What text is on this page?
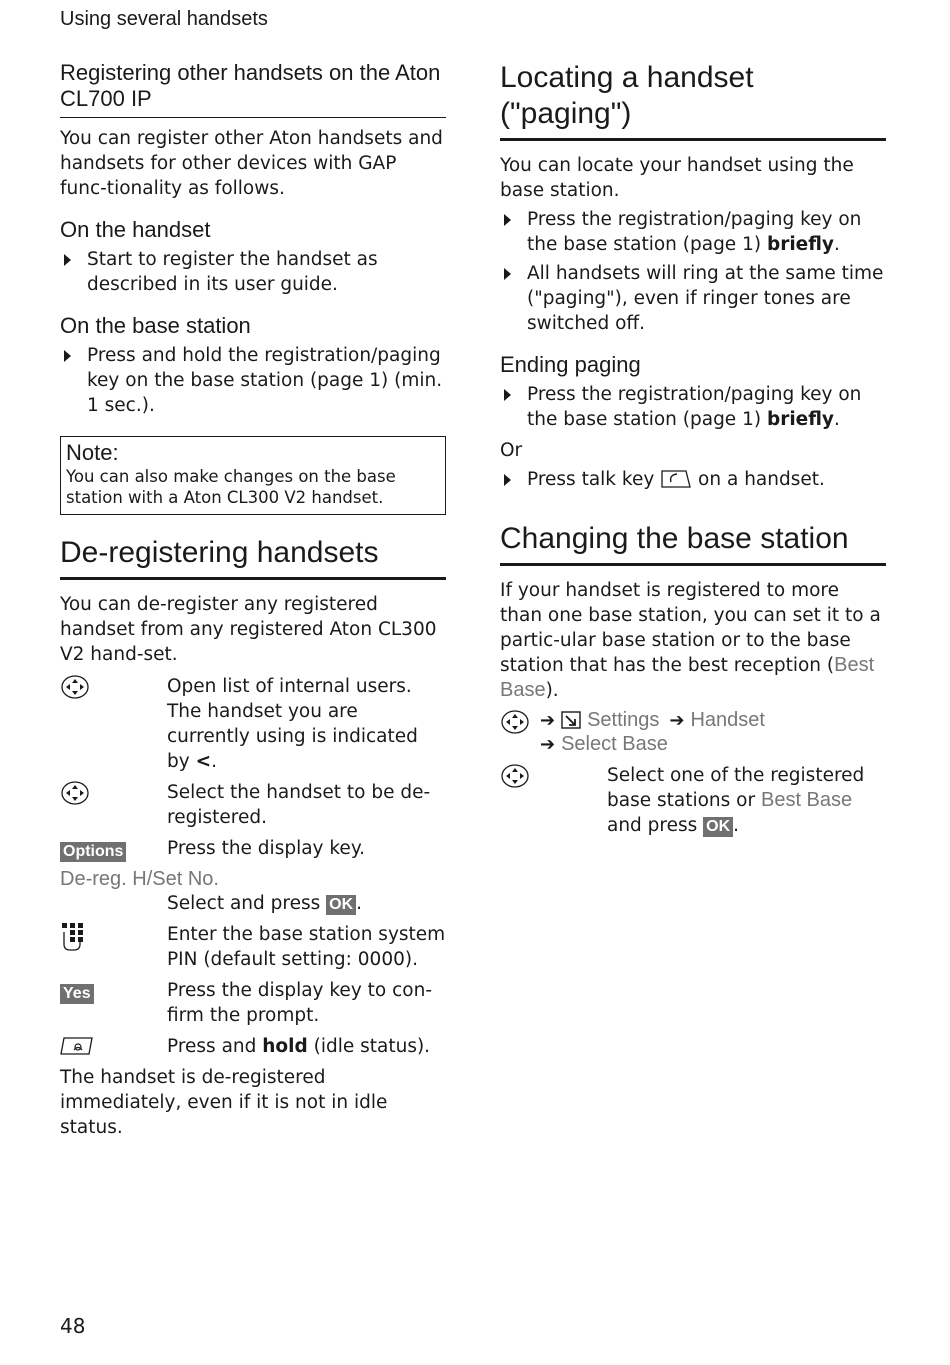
Using several handsets
Registering other handsets on the Aton CL700 IP

You can register other Aton handsets and handsets for other devices with GAP func-tionality as follows.

On the handset
Start to register the handset as described in its user guide.
On the base station
Press and hold the registration/paging key on the base station (page 1) (min. 1 sec.).
Note:
You can also make changes on the base station with a Aton CL300 V2 handset.
De-registering handsets

You can de-register any registered handset from any registered Aton CL300 V2 hand-set.

Open list of internal users. The handset you are currently using is indicated by <.
Select the handset to be de-registered.
Options Press the display key.
De-reg. H/Set No.
Select and press OK .
Enter the base station system PIN (default setting: 0000).
Yes	Press the display key to con-firm the prompt.
Press and hold (idle status).

The handset is de-registered immediately, even if it is not in idle status.

Locating a handset ("paging")

You can locate your handset using the base station.

Press the registration/paging key on the base station (page 1) briefly.
All handsets will ring at the same time ("paging"), even if ringer tones are switched off.
Ending paging
Press the registration/paging key on the base station (page 1) briefly.

Or

Press talk key  on a handset.
Changing the base station

If your handset is registered to more than one base station, you can set it to a partic-ular base station or to the base station that has the best reception (Best Base).

➔ Settings ➔ Handset
➔ Select Base
Select one of the registered base stations or Best Base and press OK .
48
